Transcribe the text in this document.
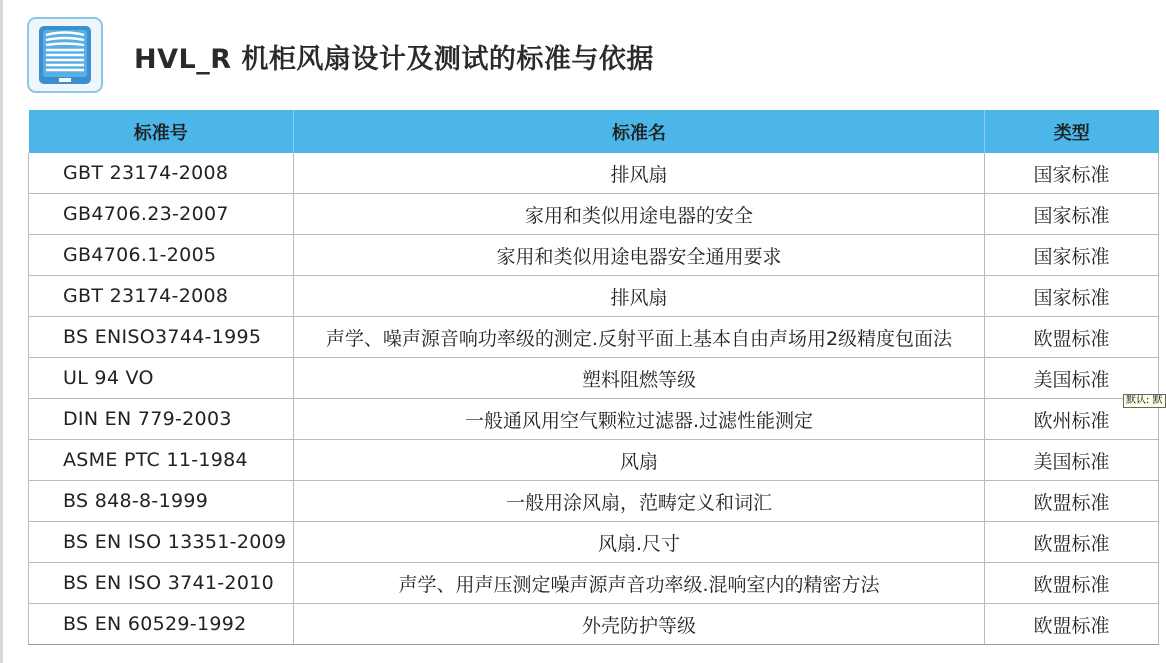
HVL_R 机柜风扇设计及测试的标准与依据
标准号	标准名	类型
GBT 23174-2008	排风扇	国家标准
GB4706.23-2007	家用和类似用途电器的安全	国家标准
GB4706.1-2005	家用和类似用途电器安全通用要求	国家标准
GBT 23174-2008	排风扇	国家标准
BS ENISO3744-1995	声学、噪声源音响功率级的测定.反射平面上基本自由声场用2级精度包面法	欧盟标准
UL 94 VO	塑料阻燃等级	美国标准
DIN EN 779-2003	一般通风用空气颗粒过滤器.过滤性能测定	欧州标准
ASME PTC 11-1984	风扇	美国标准
BS 848-8-1999	一般用涂风扇，范畴定义和词汇	欧盟标准
BS EN ISO 13351-2009	风扇.尺寸	欧盟标准
BS EN ISO 3741-2010	声学、用声压测定噪声源声音功率级.混响室内的精密方法	欧盟标准
BS EN 60529-1992	外壳防护等级	欧盟标准
默认: 默
